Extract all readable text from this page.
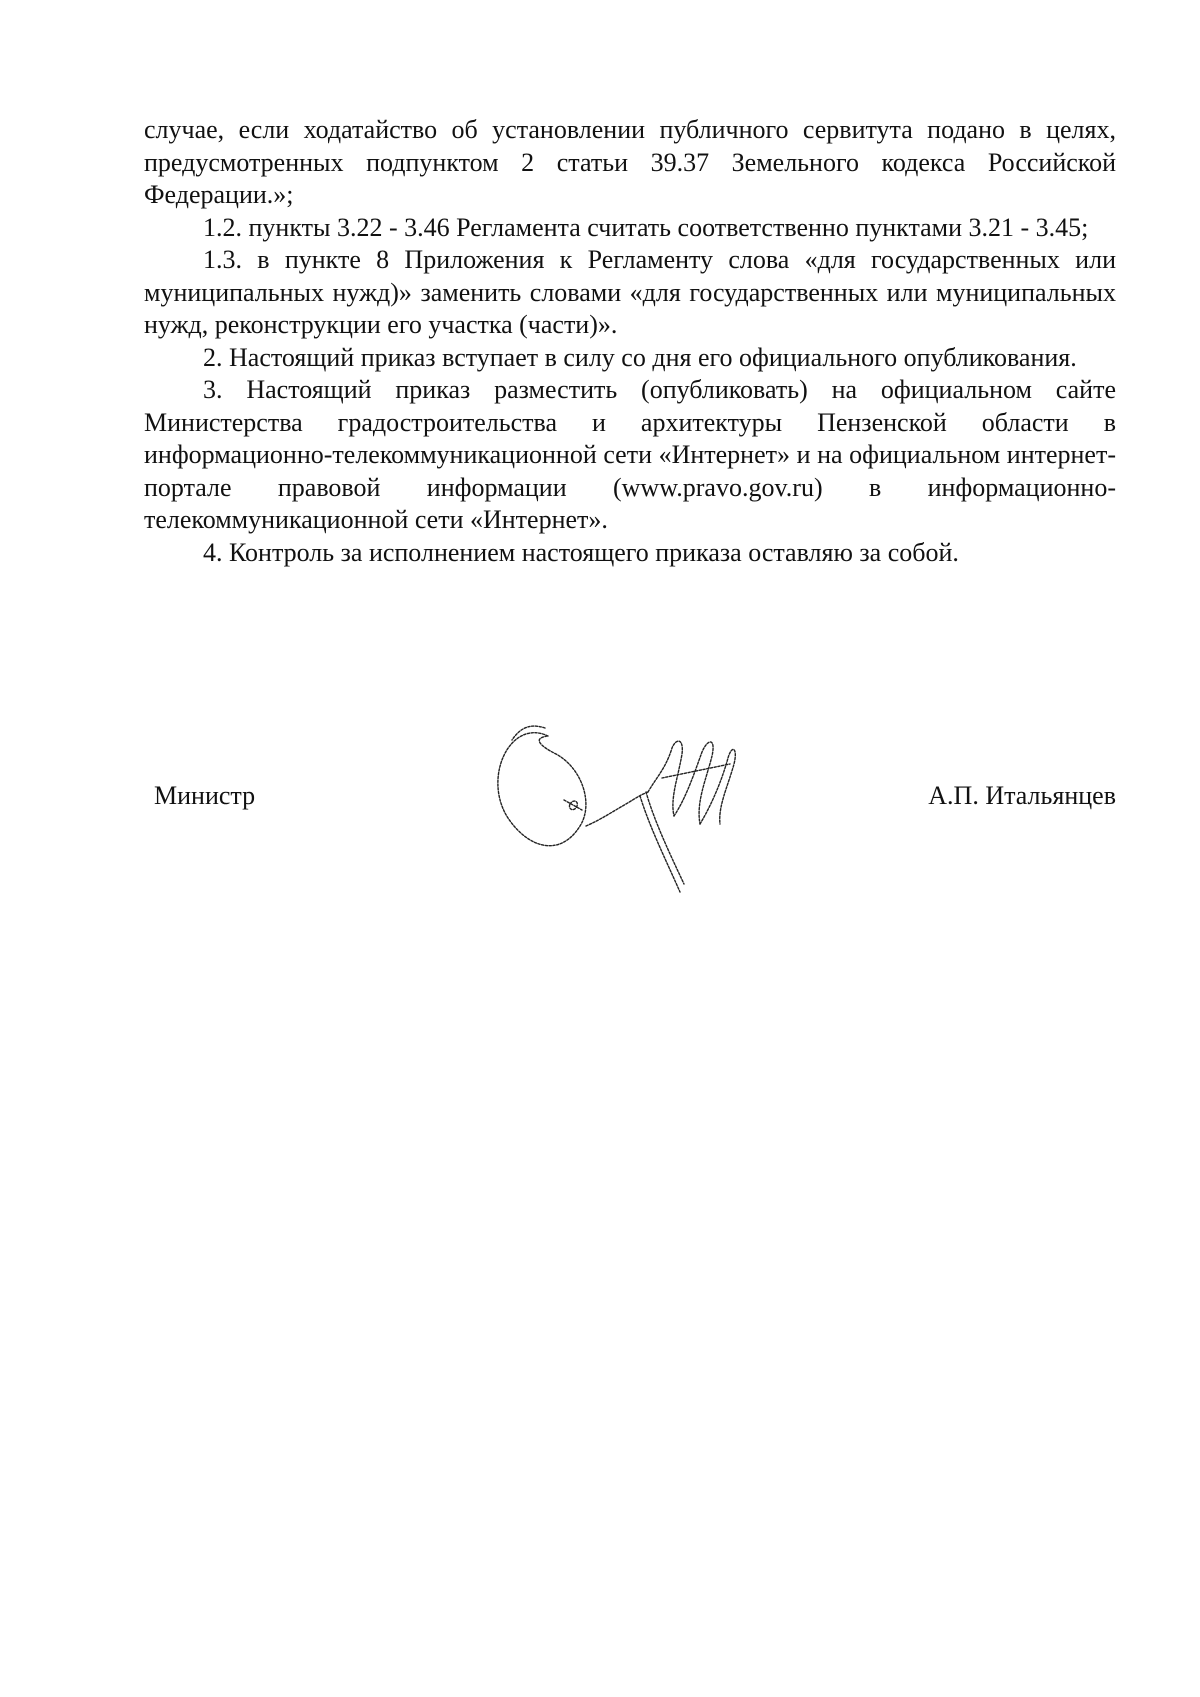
случае, если ходатайство об установлении публичного сервитута подано в целях, предусмотренных подпунктом 2 статьи 39.37 Земельного кодекса Российской Федерации.»;

1.2. пункты 3.22 - 3.46 Регламента считать соответственно пунктами 3.21 - 3.45;

1.3. в пункте 8 Приложения к Регламенту слова «для государственных или муниципальных нужд)» заменить словами «для государственных или муниципальных нужд, реконструкции его участка (части)».

2. Настоящий приказ вступает в силу со дня его официального опубликования.

3. Настоящий приказ разместить (опубликовать) на официальном сайте Министерства градостроительства и архитектуры Пензенской области в информационно-телекоммуникационной сети «Интернет» и на официальном интернет-портале правовой информации (www.pravo.gov.ru) в информационно-телекоммуникационной сети «Интернет».

4. Контроль за исполнением настоящего приказа оставляю за собой.

Министр	А.П. Итальянцев
